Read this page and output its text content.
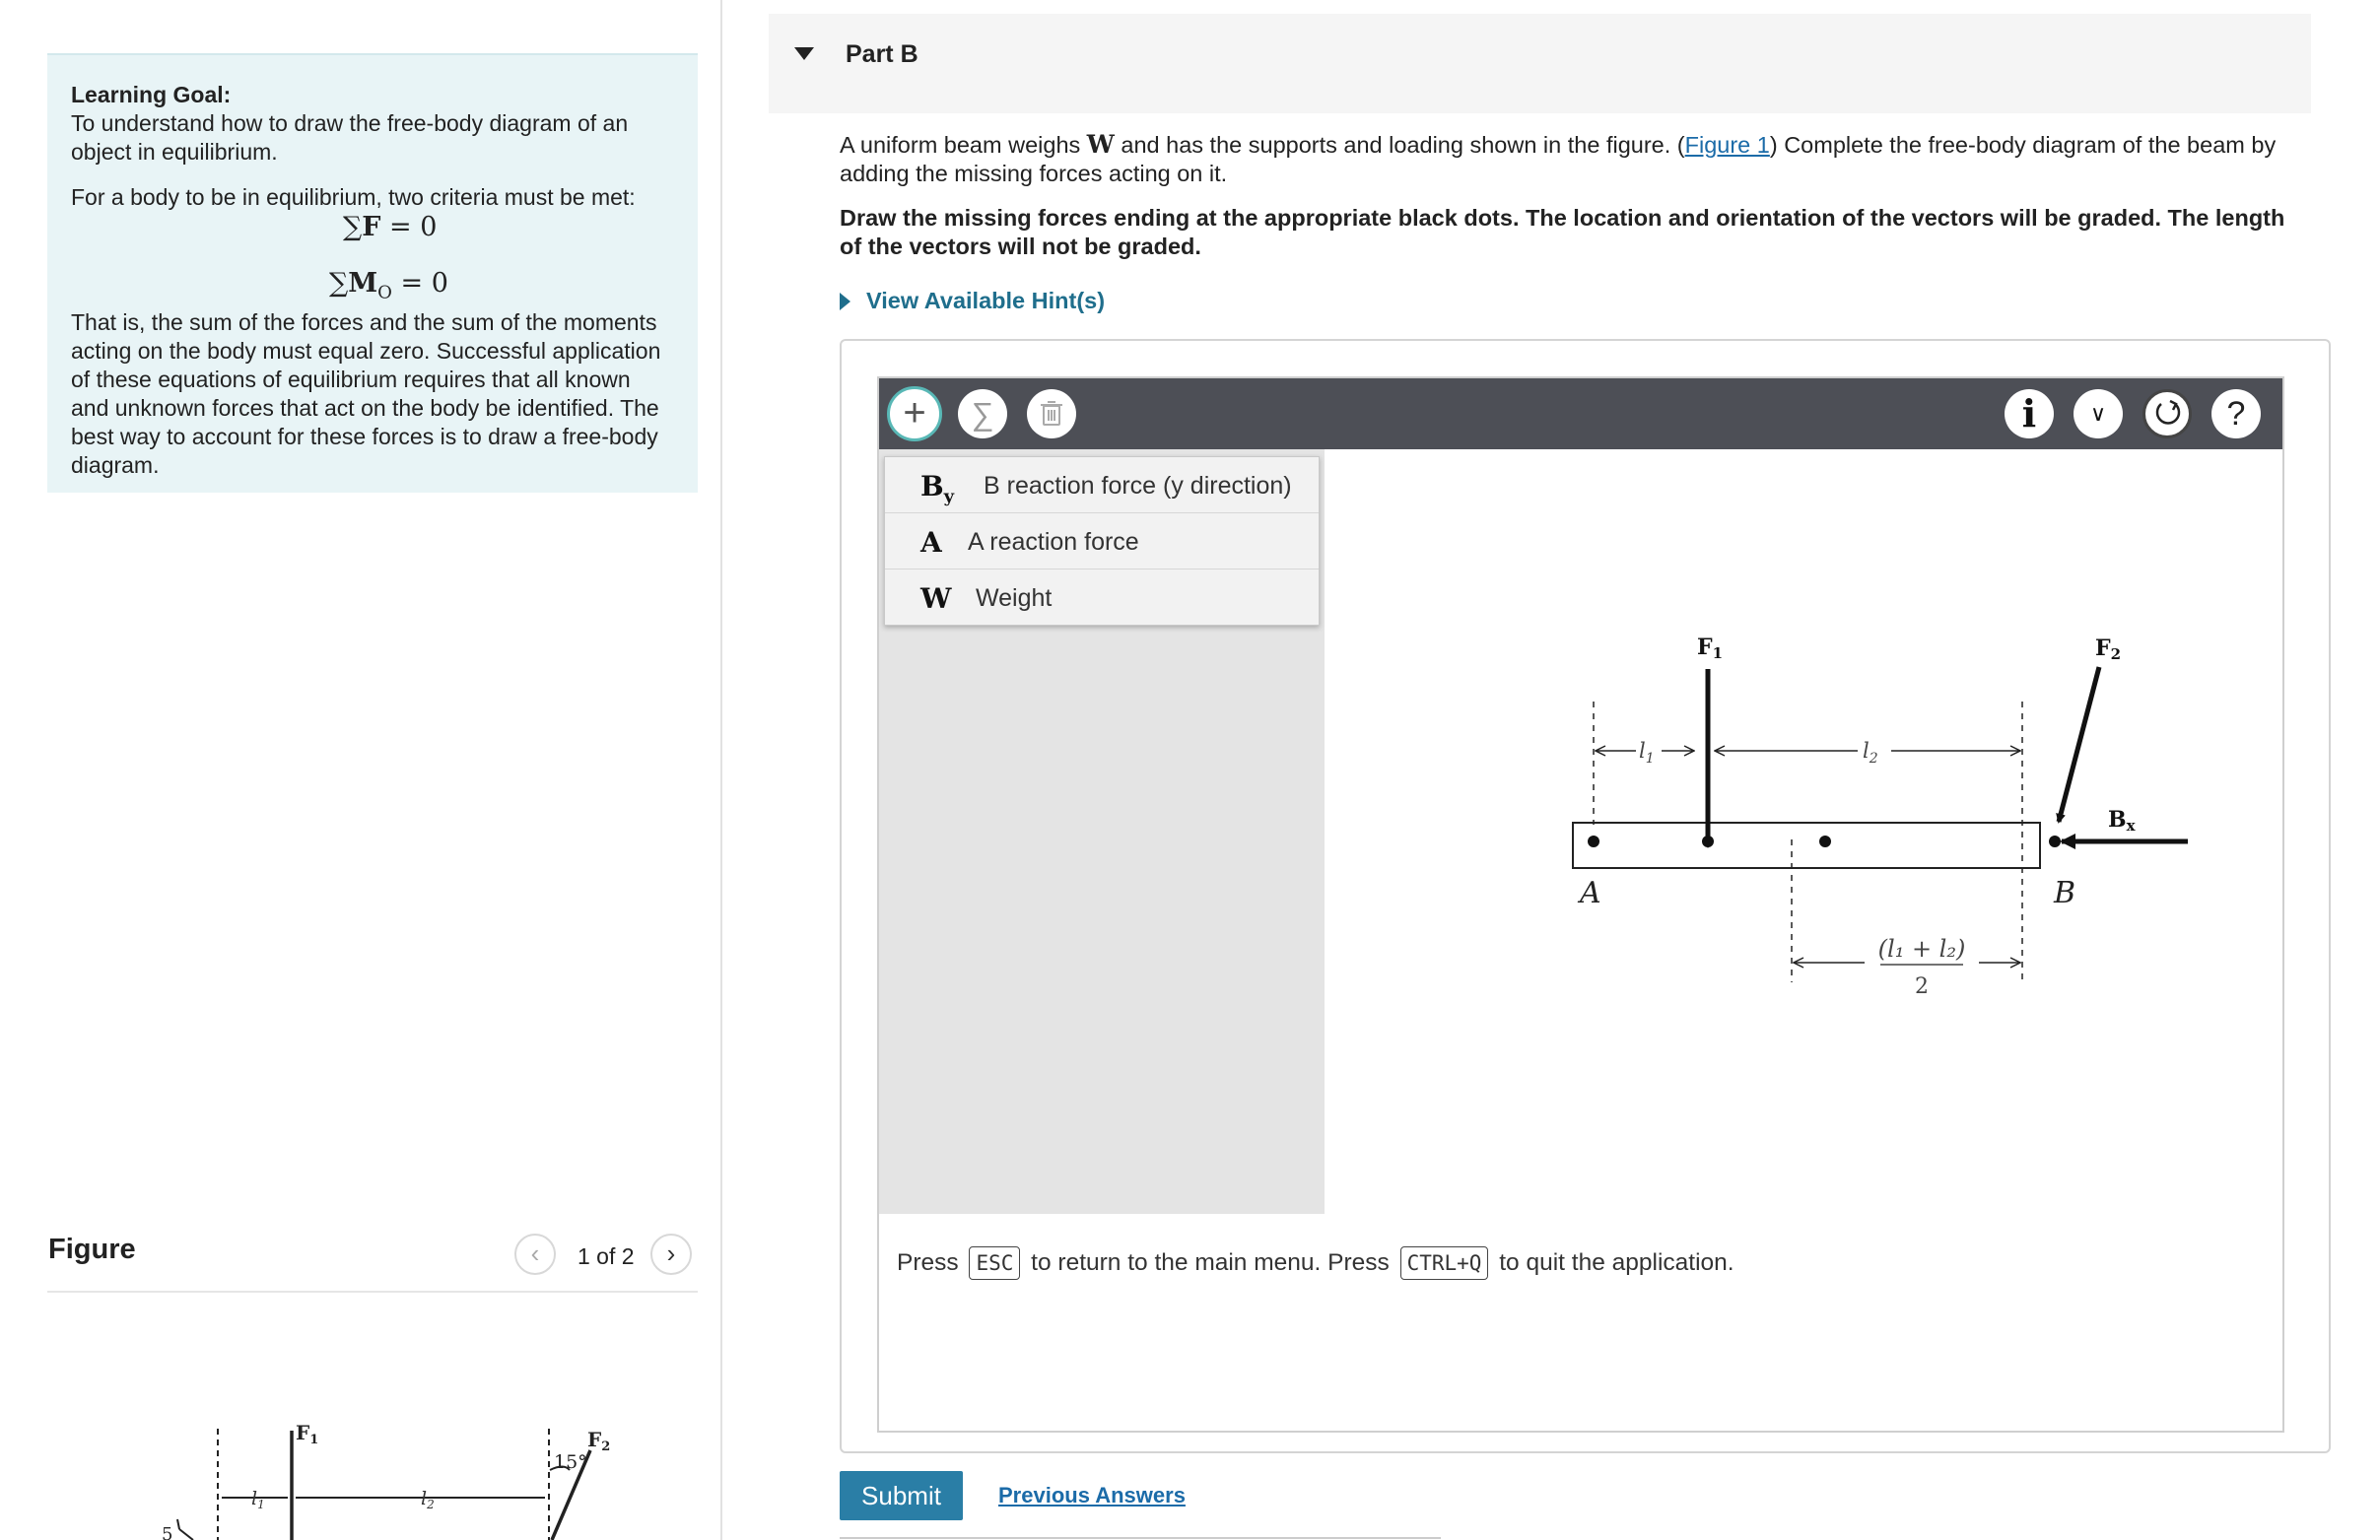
Learning Goal:

To understand how to draw the free-body diagram of an object in equilibrium.

For a body to be in equilibrium, two criteria must be met:

∑F = 0
$\sum M_O = 0$

That is, the sum of the forces and the sum of the moments acting on the body must equal zero. Successful application of these equations of equilibrium requires that all known and unknown forces that act on the body be identified. The best way to account for these forces is to draw a free-body diagram.

Figure	‹	1 of 2	›
$F_1$	$F_2$
15°
$l_1$	$l_2$
5
Part B
A uniform beam weighs W and has the supports and loading shown in the figure. (Figure 1) Complete the free-body diagram of the beam by adding the missing forces acting on it.
Draw the missing forces ending at the appropriate black dots. The location and orientation of the vectors will be graded. The length of the vectors will not be graded.
View Available Hint(s)
+	∑	i	∨	?
$B_y$ B reaction force (y direction)
A A reaction force
W Weight
F1	F2
Bx
A	B
$l_1$	$l_2$
(l₁ + l₂)
2
Press ESC to return to the main menu. Press CTRL+Q to quit the application.
Submit	Previous Answers
